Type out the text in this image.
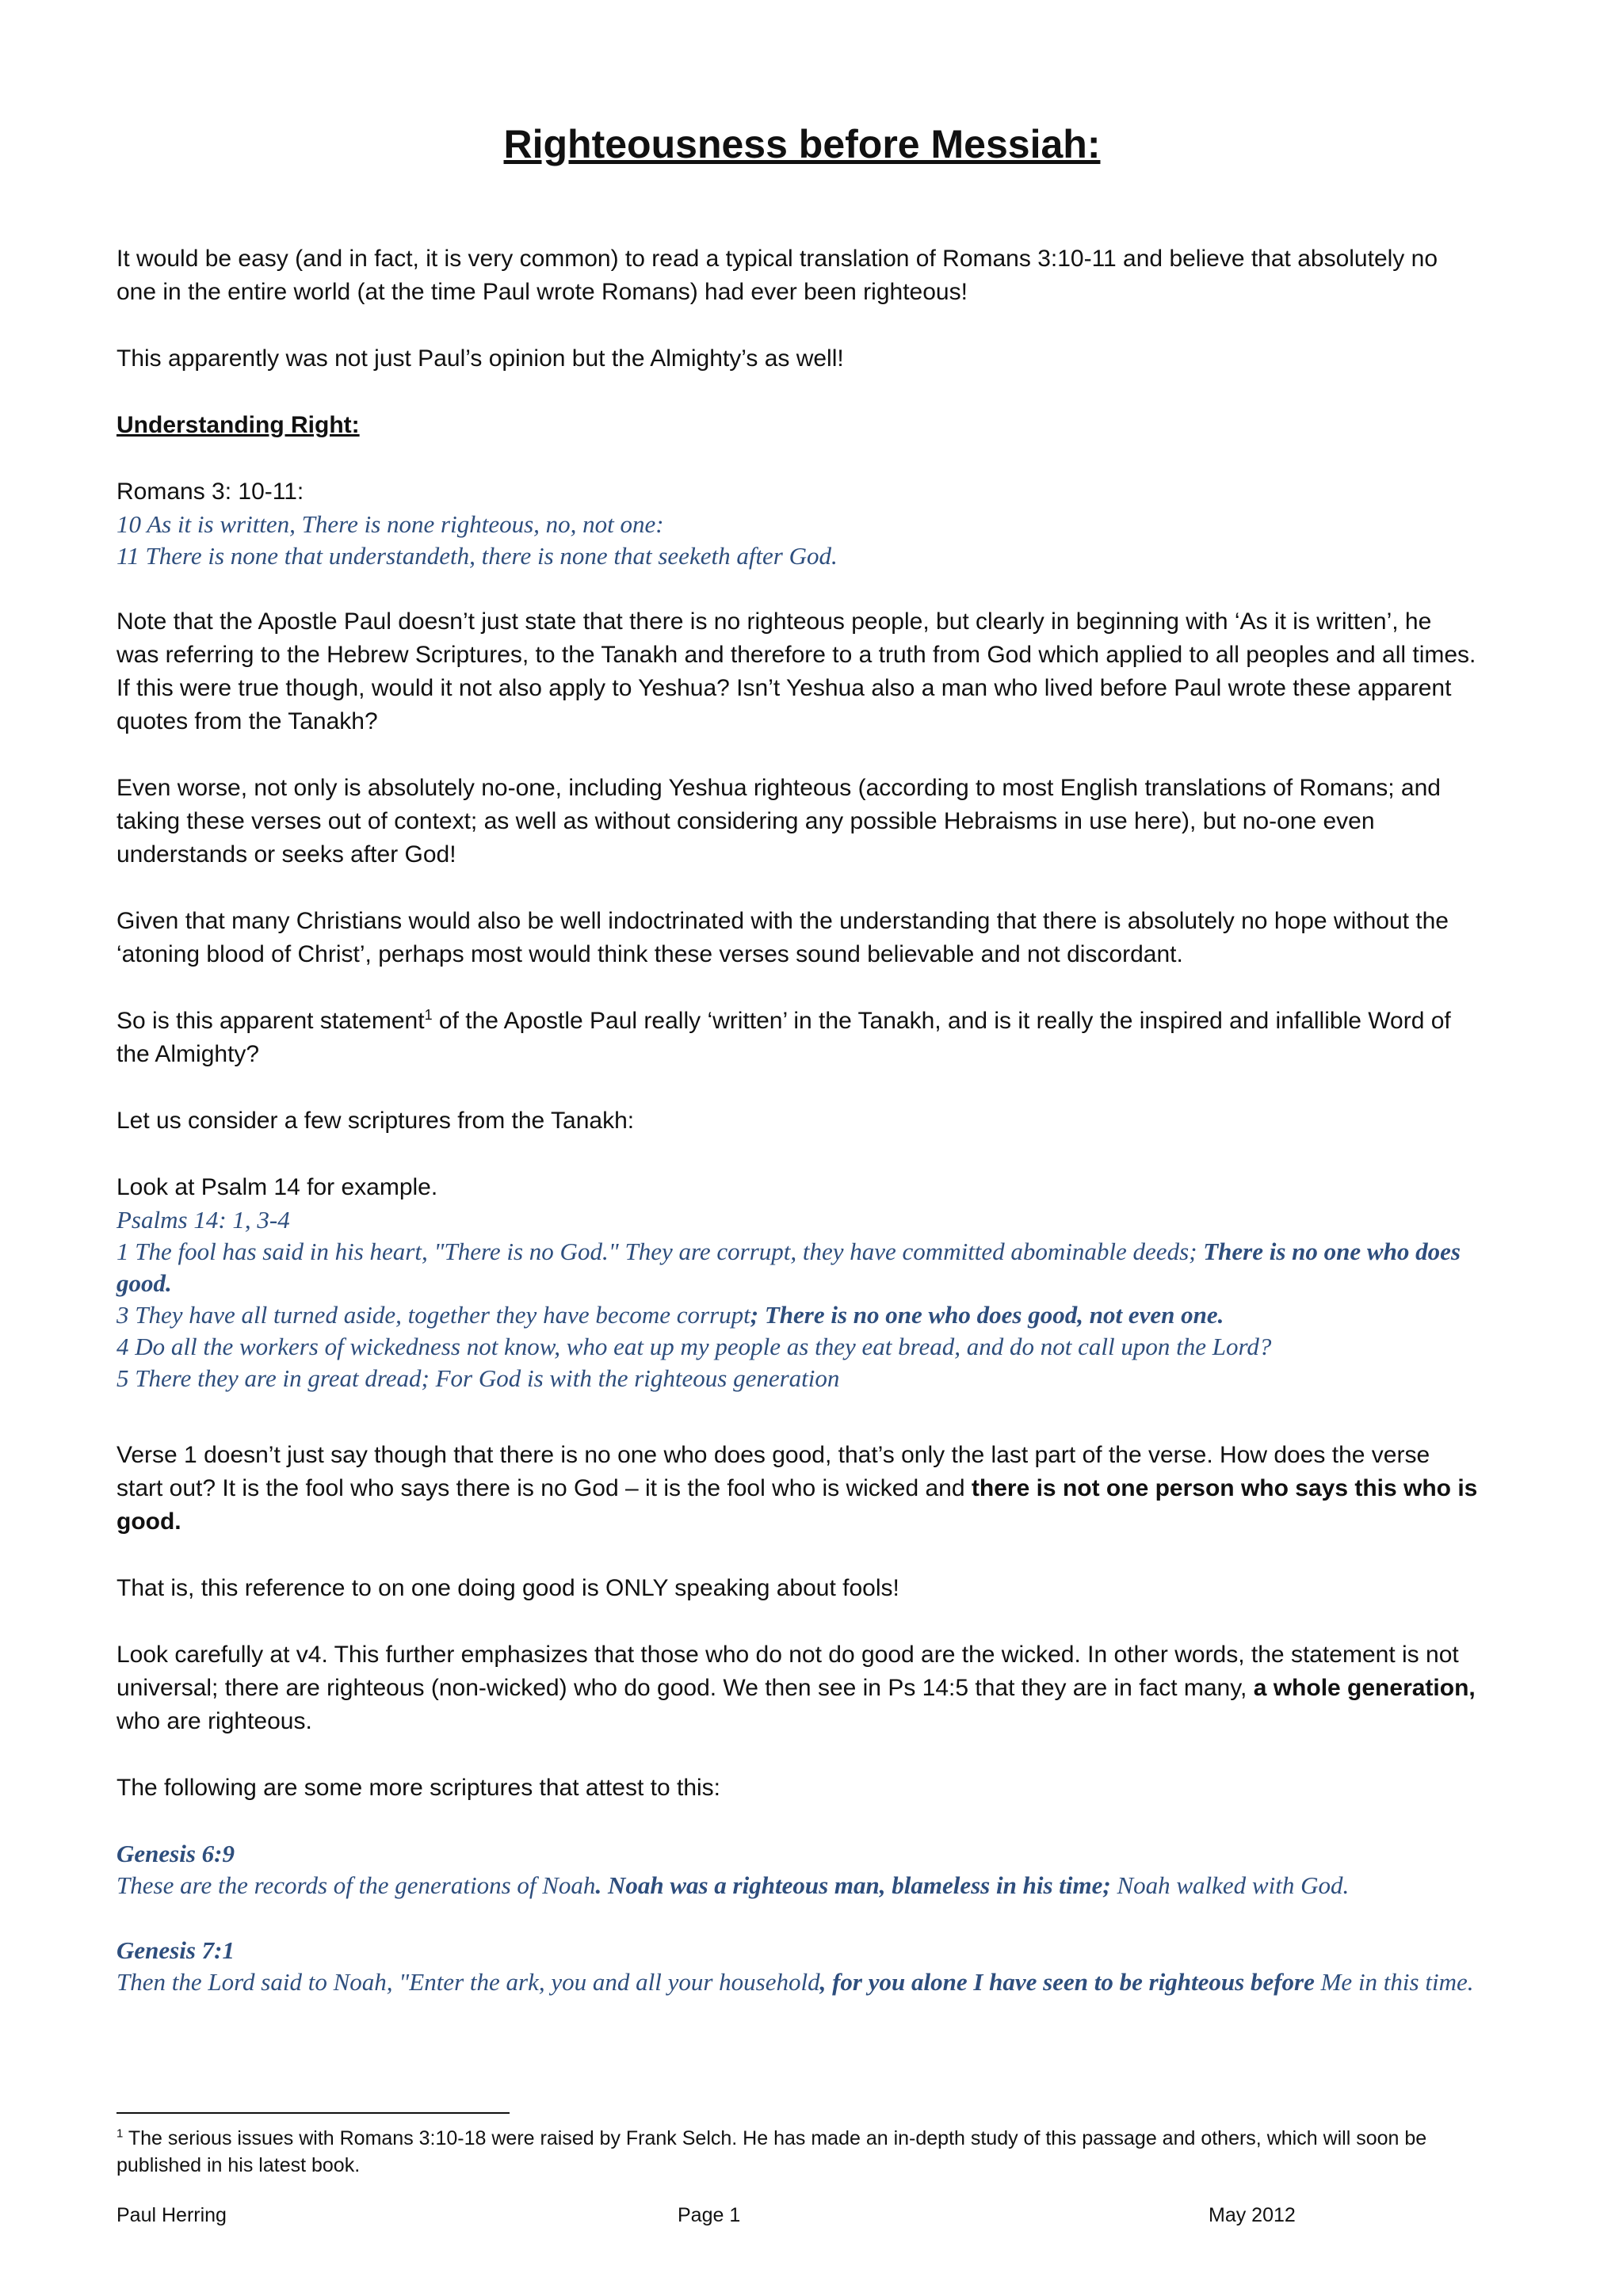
Righteousness before Messiah:

It would be easy (and in fact, it is very common) to read a typical translation of Romans 3:10-11 and believe that absolutely no one in the entire world (at the time Paul wrote Romans) had ever been righteous!

This apparently was not just Paul’s opinion but the Almighty’s as well!

Understanding Right:

Romans 3: 10-11:

10 As it is written, There is none righteous, no, not one:

11 There is none that understandeth, there is none that seeketh after God.

Note that the Apostle Paul doesn’t just state that there is no righteous people, but clearly in beginning with ‘As it is written’, he was referring to the Hebrew Scriptures, to the Tanakh and therefore to a truth from God which applied to all peoples and all times. If this were true though, would it not also apply to Yeshua? Isn’t Yeshua also a man who lived before Paul wrote these apparent quotes from the Tanakh?

Even worse, not only is absolutely no-one, including Yeshua righteous (according to most English translations of Romans; and taking these verses out of context; as well as without considering any possible Hebraisms in use here), but no-one even understands or seeks after God!

Given that many Christians would also be well indoctrinated with the understanding that there is absolutely no hope without the ‘atoning blood of Christ’, perhaps most would think these verses sound believable and not discordant.

So is this apparent statement$^1$ of the Apostle Paul really ‘written’ in the Tanakh, and is it really the inspired and infallible Word of the Almighty?

Let us consider a few scriptures from the Tanakh:

Look at Psalm 14 for example.

Psalms 14: 1, 3-4

1 The fool has said in his heart, "There is no God." They are corrupt, they have committed abominable deeds; There is no one who does good.

3 They have all turned aside, together they have become corrupt; There is no one who does good, not even one.

4 Do all the workers of wickedness not know, who eat up my people as they eat bread, and do not call upon the Lord?

5 There they are in great dread; For God is with the righteous generation

Verse 1 doesn’t just say though that there is no one who does good, that’s only the last part of the verse. How does the verse start out? It is the fool who says there is no God – it is the fool who is wicked and there is not one person who says this who is good.

That is, this reference to on one doing good is ONLY speaking about fools!

Look carefully at v4. This further emphasizes that those who do not do good are the wicked. In other words, the statement is not universal; there are righteous (non-wicked) who do good. We then see in Ps 14:5 that they are in fact many, a whole generation, who are righteous.

The following are some more scriptures that attest to this:

Genesis 6:9

These are the records of the generations of Noah. Noah was a righteous man, blameless in his time; Noah walked with God.

Genesis 7:1

Then the Lord said to Noah, "Enter the ark, you and all your household, for you alone I have seen to be righteous before Me in this time.

$^1$ The serious issues with Romans 3:10-18 were raised by Frank Selch. He has made an in-depth study of this passage and others, which will soon be published in his latest book.

Paul Herring	Page 1	May 2012
